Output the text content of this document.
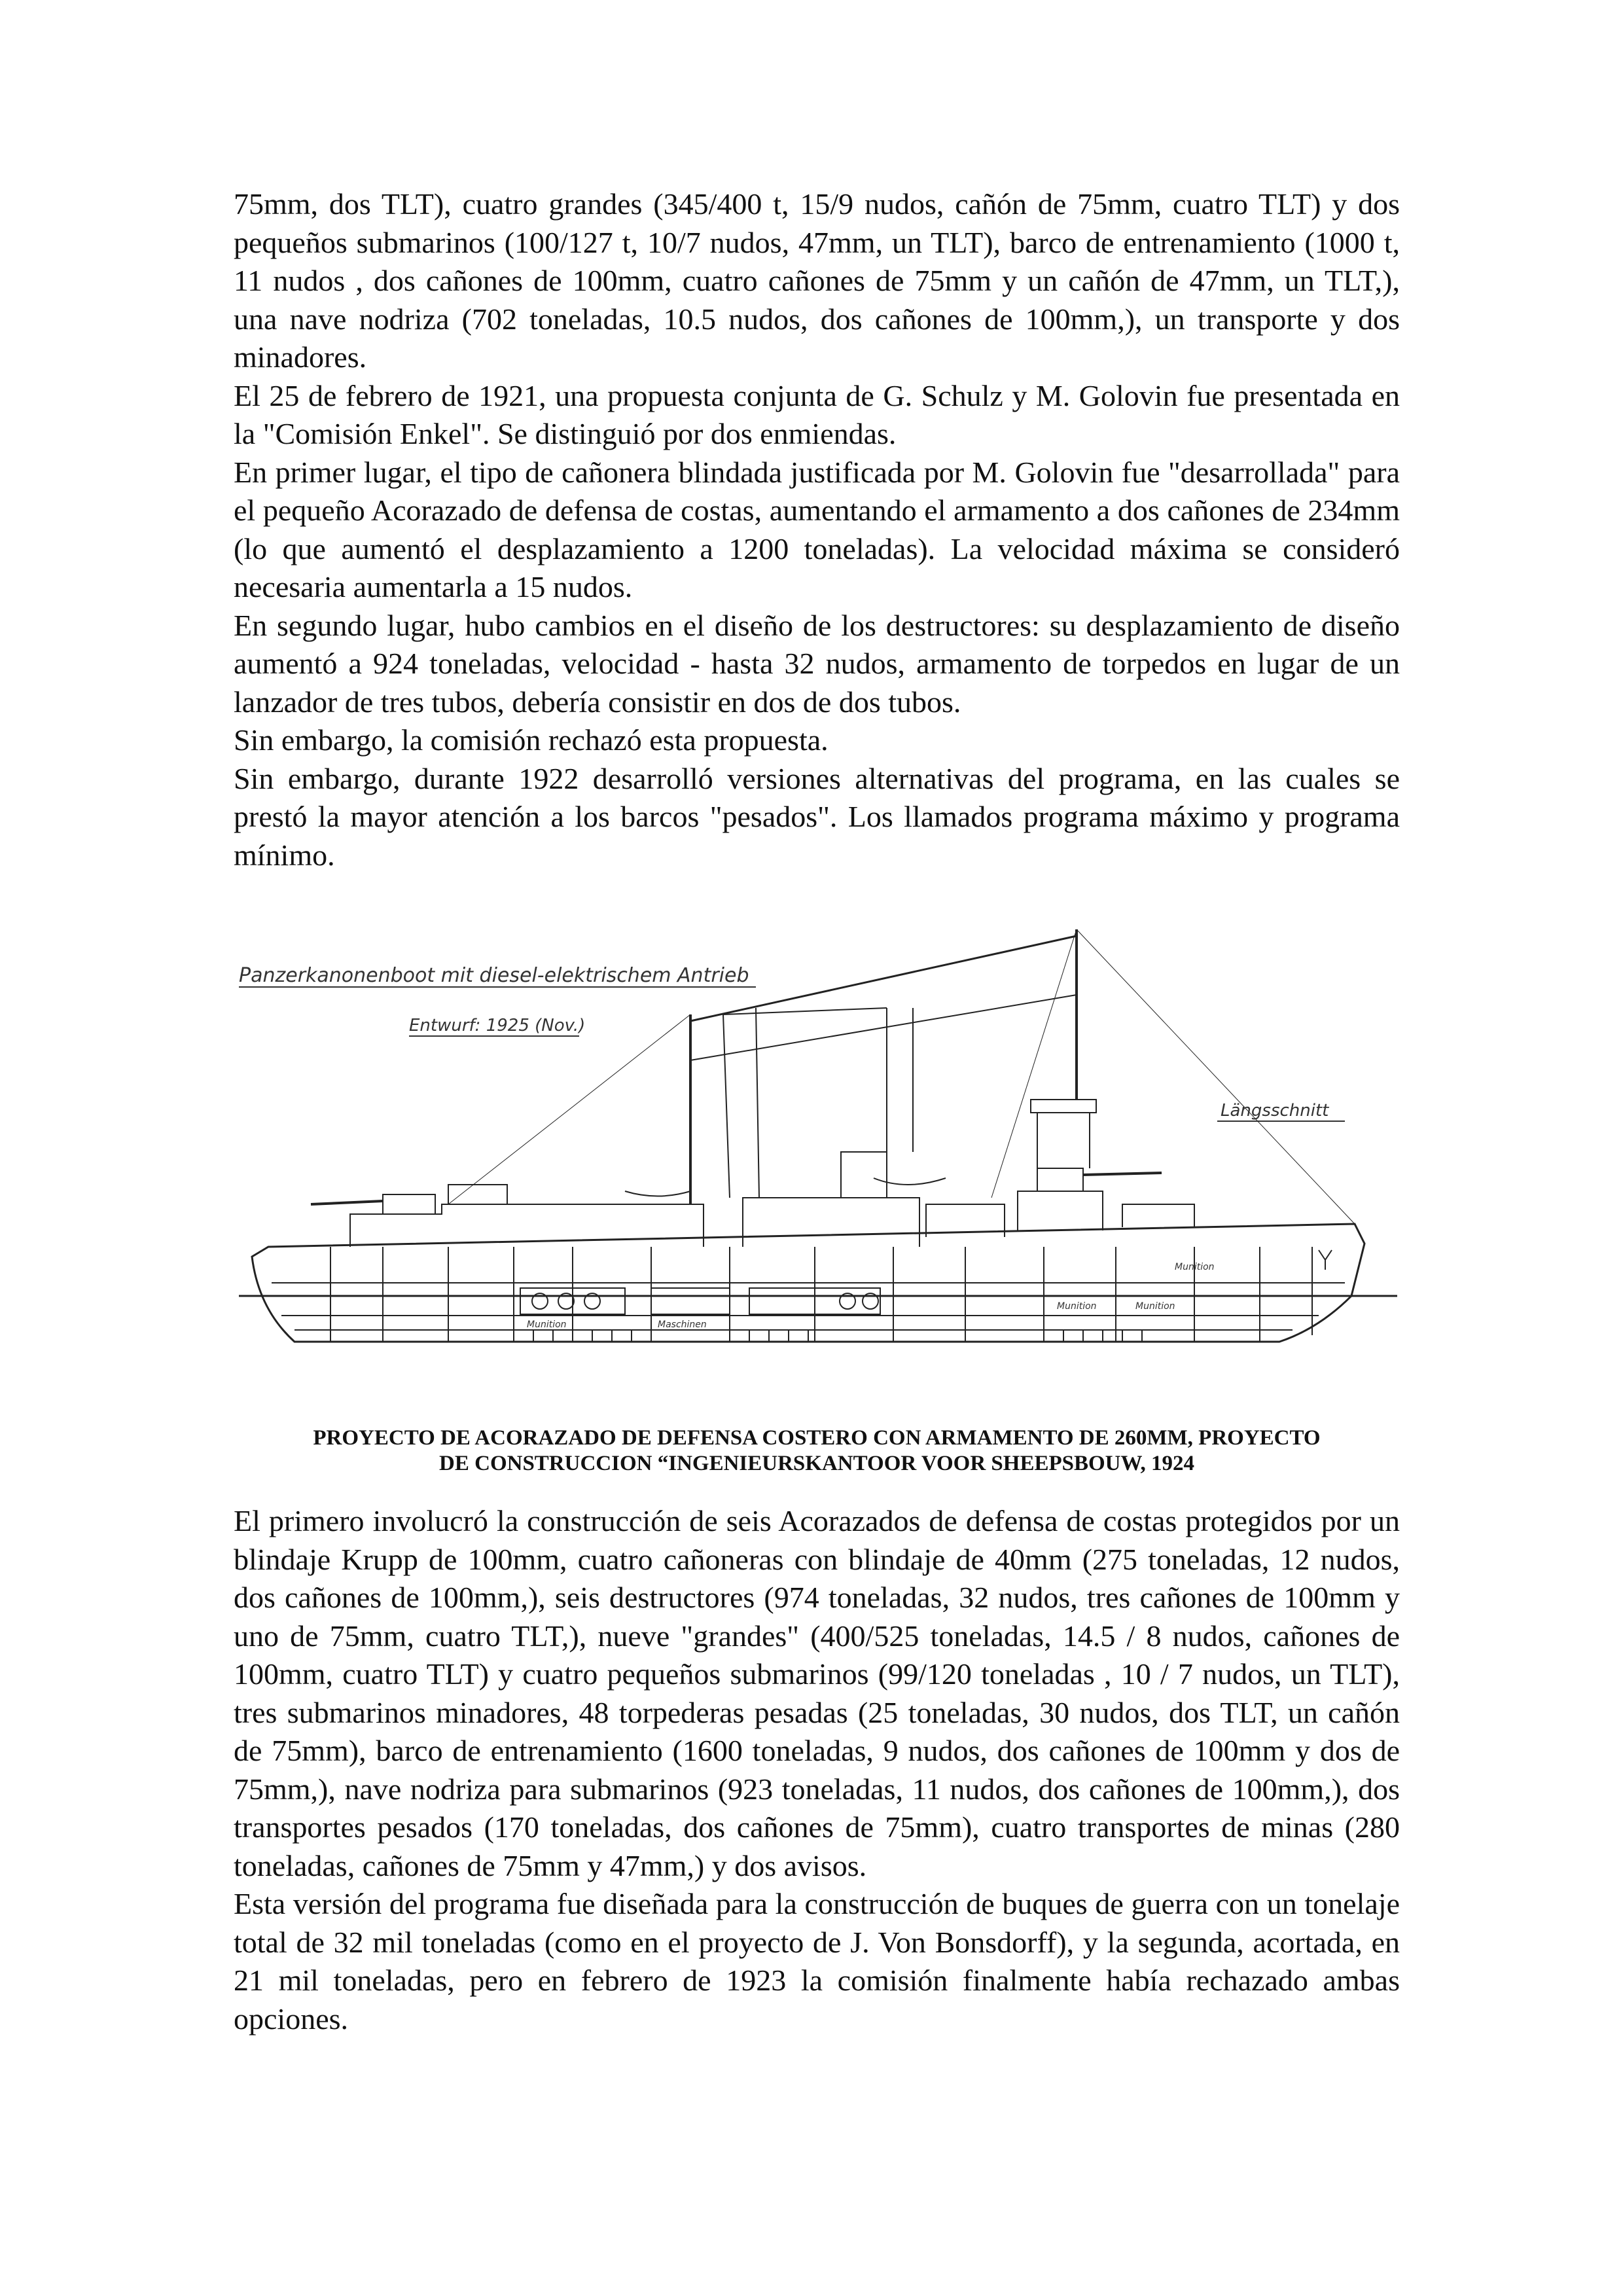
75mm, dos TLT), cuatro grandes (345/400 t, 15/9 nudos, cañón de 75mm, cuatro TLT) y dos pequeños submarinos (100/127 t, 10/7 nudos, 47mm, un TLT), barco de entrenamiento (1000 t, 11 nudos , dos cañones de 100mm, cuatro cañones de 75mm y un cañón de 47mm, un TLT,), una nave nodriza (702 toneladas, 10.5 nudos, dos cañones de 100mm,), un transporte y dos minadores.

El 25 de febrero de 1921, una propuesta conjunta de G. Schulz y M. Golovin fue presentada en la "Comisión Enkel". Se distinguió por dos enmiendas.

En primer lugar, el tipo de cañonera blindada justificada por M. Golovin fue "desarrollada" para el pequeño Acorazado de defensa de costas, aumentando el armamento a dos cañones de 234mm (lo que aumentó el desplazamiento a 1200 toneladas). La velocidad máxima se consideró necesaria aumentarla a 15 nudos.

En segundo lugar, hubo cambios en el diseño de los destructores: su desplazamiento de diseño aumentó a 924 toneladas, velocidad - hasta 32 nudos, armamento de torpedos en lugar de un lanzador de tres tubos, debería consistir en dos de dos tubos.

Sin embargo, la comisión rechazó esta propuesta.

Sin embargo, durante 1922 desarrolló versiones alternativas del programa, en las cuales se prestó la mayor atención a los barcos "pesados". Los llamados programa máximo y programa mínimo.

Panzerkanonenboot mit diesel-elektrischem Antrieb
Entwurf: 1925 (Nov.)
Längsschnitt
Munition	Maschinen
Munition	Munition
Munition
PROYECTO DE ACORAZADO DE DEFENSA COSTERO CON ARMAMENTO DE 260MM, PROYECTO
DE CONSTRUCCION “INGENIEURSKANTOOR VOOR SHEEPSBOUW, 1924

El primero involucró la construcción de seis Acorazados de defensa de costas protegidos por un blindaje Krupp de 100mm, cuatro cañoneras con blindaje de 40mm (275 toneladas, 12 nudos, dos cañones de 100mm,), seis destructores (974 toneladas, 32 nudos, tres cañones de 100mm y uno de 75mm, cuatro TLT,), nueve "grandes" (400/525 toneladas, 14.5 / 8 nudos, cañones de 100mm, cuatro TLT) y cuatro pequeños submarinos (99/120 toneladas , 10 / 7 nudos, un TLT), tres submarinos minadores, 48 torpederas pesadas (25 toneladas, 30 nudos, dos TLT, un cañón de 75mm), barco de entrenamiento (1600 toneladas, 9 nudos, dos cañones de 100mm y dos de 75mm,), nave nodriza para submarinos (923 toneladas, 11 nudos, dos cañones de 100mm,), dos transportes pesados (170 toneladas, dos cañones de 75mm), cuatro transportes de minas (280 toneladas, cañones de 75mm y 47mm,) y dos avisos.

Esta versión del programa fue diseñada para la construcción de buques de guerra con un tonelaje total de 32 mil toneladas (como en el proyecto de J. Von Bonsdorff), y la segunda, acortada, en 21 mil toneladas, pero en febrero de 1923 la comisión finalmente había rechazado ambas opciones.
